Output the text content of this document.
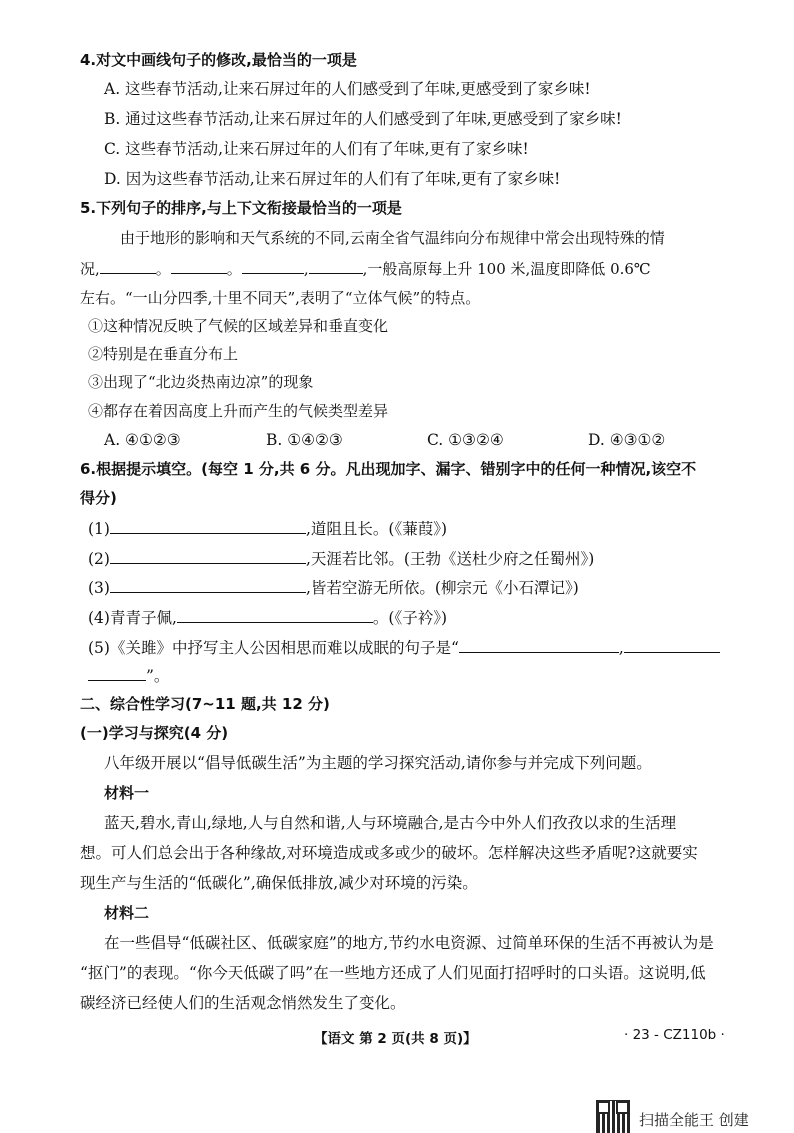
4.对文中画线句子的修改,最恰当的一项是
A. 这些春节活动,让来石屏过年的人们感受到了年味,更感受到了家乡味!
B. 通过这些春节活动,让来石屏过年的人们感受到了年味,更感受到了家乡味!
C. 这些春节活动,让来石屏过年的人们有了年味,更有了家乡味!
D. 因为这些春节活动,让来石屏过年的人们有了年味,更有了家乡味!
5.下列句子的排序,与上下文衔接最恰当的一项是
由于地形的影响和天气系统的不同,云南全省气温纬向分布规律中常会出现特殊的情
况,	。	。	,	,一般高原每上升 100 米,温度即降低 0.6℃
左右。“一山分四季,十里不同天”,表明了“立体气候”的特点。
①这种情况反映了气候的区域差异和垂直变化
②特别是在垂直分布上
③出现了“北边炎热南边凉”的现象
④都存在着因高度上升而产生的气候类型差异
A. ④①②③	B. ①④②③	C. ①③②④	D. ④③①②
6.根据提示填空。(每空 1 分,共 6 分。凡出现加字、漏字、错别字中的任何一种情况,该空不
得分)
(1)	,道阻且长。(《蒹葭》)
(2)	,天涯若比邻。(王勃《送杜少府之任蜀州》)
(3)	,皆若空游无所依。(柳宗元《小石潭记》)
(4)青青子佩,	。(《子衿》)
(5)《关雎》中抒写主人公因相思而难以成眠的句子是“	,
”。
二、综合性学习(7~11 题,共 12 分)
(一)学习与探究(4 分)
八年级开展以“倡导低碳生活”为主题的学习探究活动,请你参与并完成下列问题。
材料一
蓝天,碧水,青山,绿地,人与自然和谐,人与环境融合,是古今中外人们孜孜以求的生活理
想。可人们总会出于各种缘故,对环境造成或多或少的破坏。怎样解决这些矛盾呢?这就要实
现生产与生活的“低碳化”,确保低排放,减少对环境的污染。
材料二
在一些倡导“低碳社区、低碳家庭”的地方,节约水电资源、过简单环保的生活不再被认为是
“抠门”的表现。“你今天低碳了吗”在一些地方还成了人们见面打招呼时的口头语。这说明,低
碳经济已经使人们的生活观念悄然发生了变化。
【语文 第 2 页(共 8 页)】	· 23 - CZ110b ·
扫描全能王 创建
